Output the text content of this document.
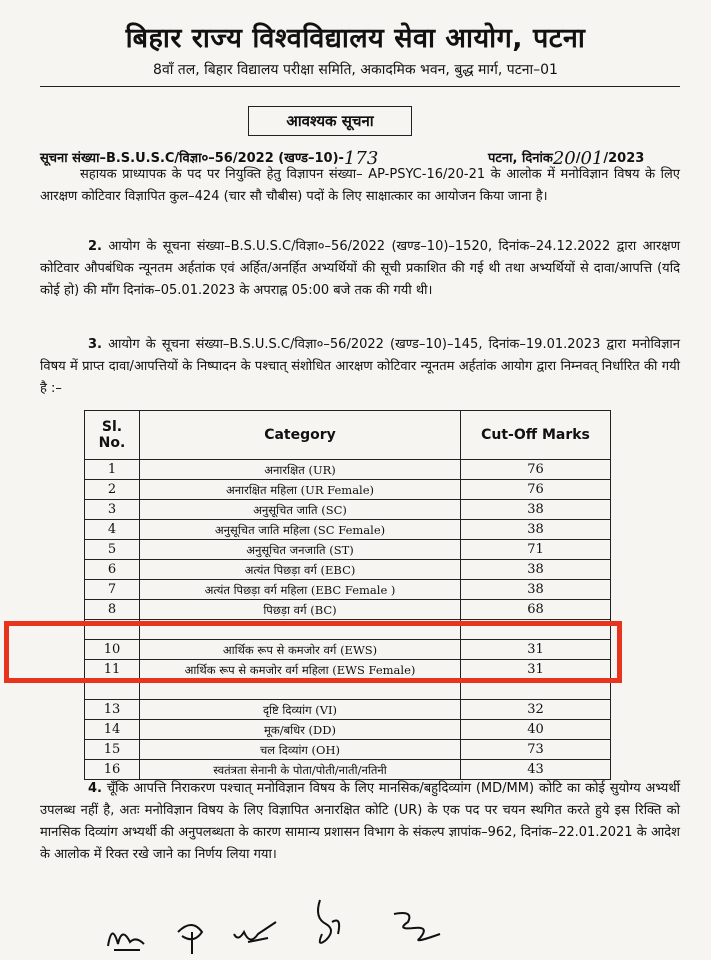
बिहार राज्य विश्वविद्यालय सेवा आयोग, पटना
8वाँ तल, बिहार विद्यालय परीक्षा समिति, अकादमिक भवन, बुद्ध मार्ग, पटना–01
आवश्यक सूचना
सूचना संख्या–B.S.U.S.C/विज्ञा०–56/2022 (खण्ड–10)-173	पटना, दिनांक20/01/2023
सहायक प्राध्यापक के पद पर नियुक्ति हेतु विज्ञापन संख्या– AP-PSYC-16/20-21 के आलोक में मनोविज्ञान विषय के लिए आरक्षण कोटिवार विज्ञापित कुल–424 (चार सौ चौबीस) पदों के लिए साक्षात्कार का आयोजन किया जाना है।
2. आयोग के सूचना संख्या–B.S.U.S.C/विज्ञा०–56/2022 (खण्ड–10)–1520, दिनांक–24.12.2022 द्वारा आरक्षण कोटिवार औपबंधिक न्यूनतम अर्हतांक एवं अर्हित/अनर्हित अभ्यर्थियों की सूची प्रकाशित की गई थी तथा अभ्यर्थियों से दावा/आपत्ति (यदि कोई हो) की माँग दिनांक–05.01.2023 के अपराह्न 05:00 बजे तक की गयी थी।
3. आयोग के सूचना संख्या–B.S.U.S.C/विज्ञा०–56/2022 (खण्ड–10)–145, दिनांक–19.01.2023 द्वारा मनोविज्ञान विषय में प्राप्त दावा/आपत्तियों के निष्पादन के पश्चात् संशोधित आरक्षण कोटिवार न्यूनतम अर्हतांक आयोग द्वारा निम्नवत् निर्धारित की गयी है :–
Sl. No.	Category	Cut-Off Marks
1	अनारक्षित (UR)	76
2	अनारक्षित महिला (UR Female)	76
3	अनुसूचित जाति (SC)	38
4	अनुसूचित जाति महिला (SC Female)	38
5	अनुसूचित जनजाति (ST)	71
6	अत्यंत पिछड़ा वर्ग (EBC)	38
7	अत्यंत पिछड़ा वर्ग महिला (EBC Female )	38
8	पिछड़ा वर्ग (BC)	68

10	आर्थिक रूप से कमजोर वर्ग (EWS)	31
11	आर्थिक रूप से कमजोर वर्ग महिला (EWS Female)	31

13	दृष्टि दिव्यांग (VI)	32
14	मूक/बधिर (DD)	40
15	चल दिव्यांग (OH)	73
16	स्वतंत्रता सेनानी के पोता/पोती/नाती/नतिनी	43
4. चूँकि आपत्ति निराकरण पश्चात् मनोविज्ञान विषय के लिए मानसिक/बहुदिव्यांग (MD/MM) कोटि का कोई सुयोग्य अभ्यर्थी उपलब्ध नहीं है, अतः मनोविज्ञान विषय के लिए विज्ञापित अनारक्षित कोटि (UR) के एक पद पर चयन स्थगित करते हुये इस रिक्ति को मानसिक दिव्यांग अभ्यर्थी की अनुपलब्धता के कारण सामान्य प्रशासन विभाग के संकल्प ज्ञापांक–962, दिनांक–22.01.2021 के आदेश के आलोक में रिक्त रखे जाने का निर्णय लिया गया।
